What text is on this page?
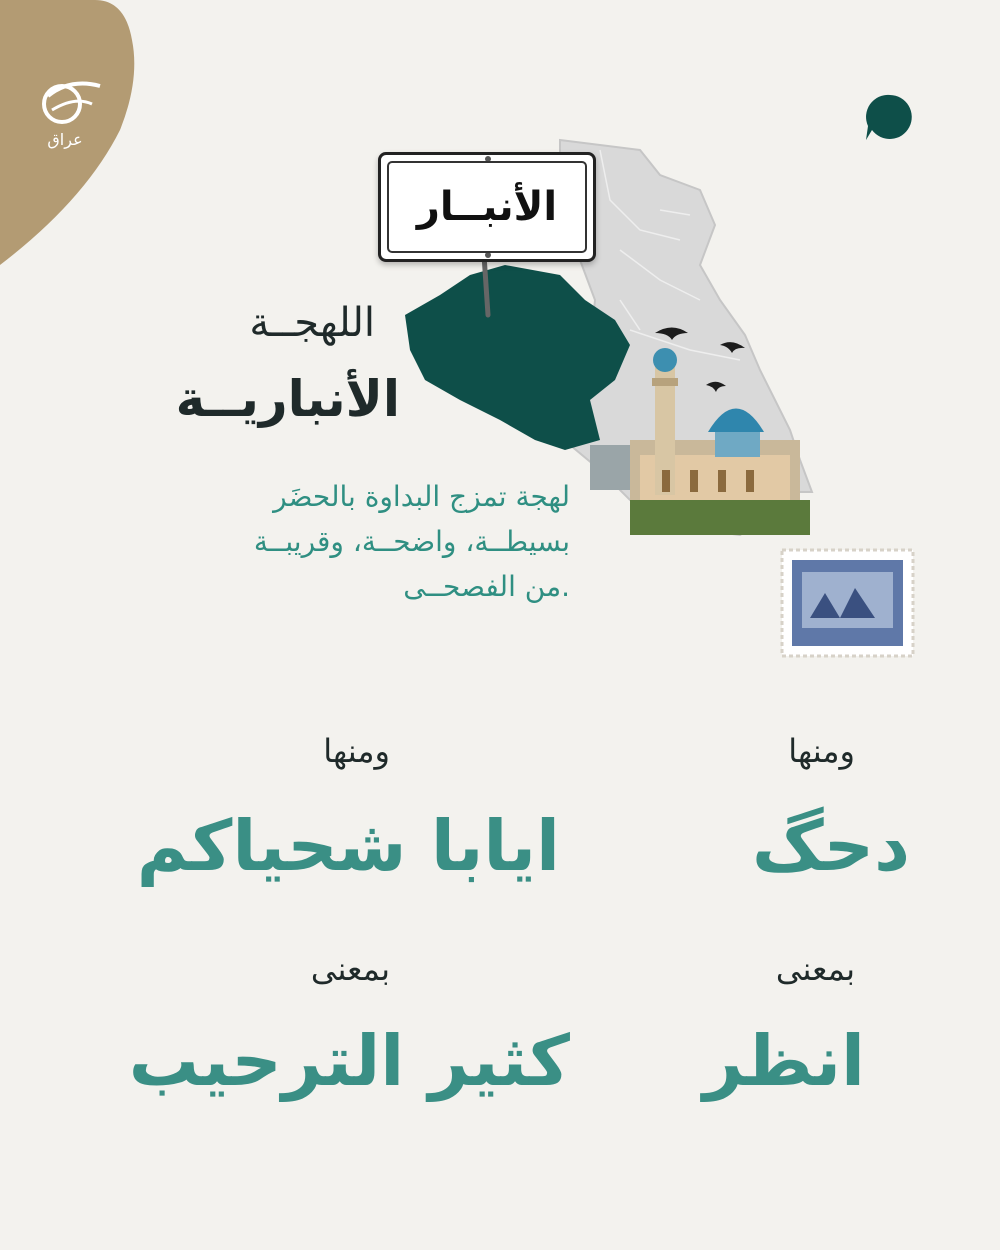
عراق
الأنبــار
اللهجــة
الأنباريــة
لهجة تمزج البداوة بالحضَر
بسيطــة، واضحــة، وقريبــة
من الفصحــى.
ومنها
دحگ
بمعنى
انظر
ومنها
ايابا شحياكم
بمعنى
كثير الترحيب
